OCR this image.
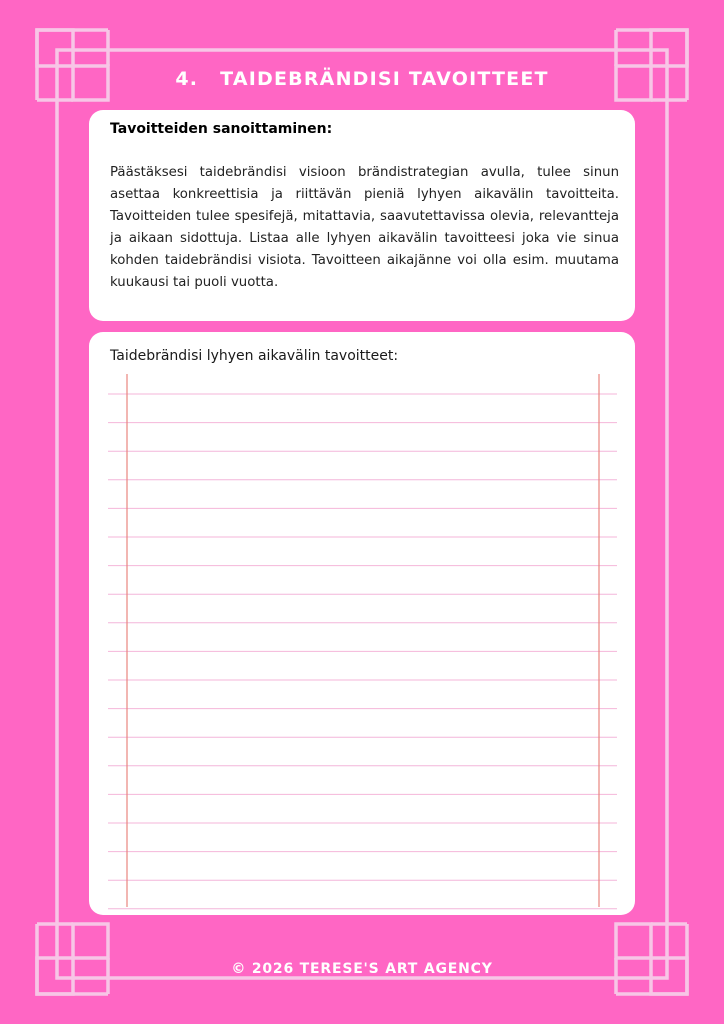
4. TAIDEBRÄNDISI TAVOITTEET
Tavoitteiden sanoittaminen:
Päästäksesi taidebrändisi visioon brändistrategian avulla, tulee sinun asettaa konkreettisia ja riittävän pieniä lyhyen aikavälin tavoitteita. Tavoitteiden tulee spesifejä, mitattavia, saavutettavissa olevia, relevantteja ja aikaan sidottuja. Listaa alle lyhyen aikavälin tavoitteesi joka vie sinua kohden taidebrändisi visiota. Tavoitteen aikajänne voi olla esim. muutama kuukausi tai puoli vuotta.
Taidebrändisi lyhyen aikavälin tavoitteet:
© 2026 TERESE'S ART AGENCY
